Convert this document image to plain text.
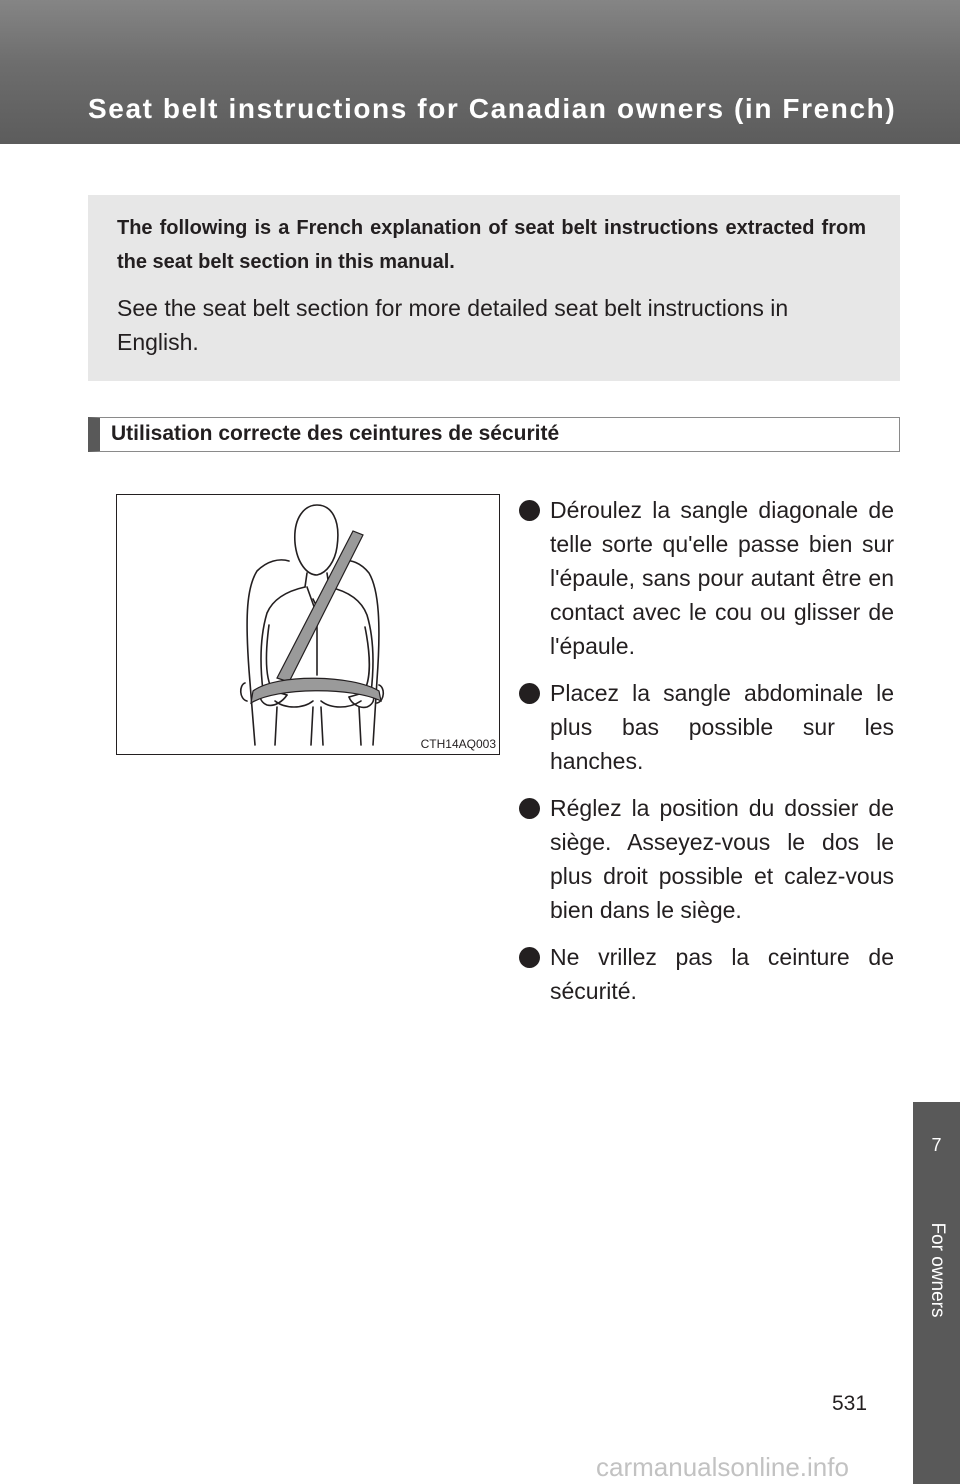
Seat belt instructions for Canadian owners (in French)

The following is a French explanation of seat belt instructions extracted from the seat belt section in this manual.

See the seat belt section for more detailed seat belt instructions in English.

Utilisation correcte des ceintures de sécurité
CTH14AQ003
Déroulez la sangle diagonale de telle sorte qu'elle passe bien sur l'épaule, sans pour autant être en contact avec le cou ou glisser de l'épaule.
Placez la sangle abdominale le plus bas possible sur les hanches.
Réglez la position du dossier de siège. Asseyez-vous le dos le plus droit possible et calez-vous bien dans le siège.
Ne vrillez pas la ceinture de sécurité.
7
For owners
531
carmanualsonline.info
